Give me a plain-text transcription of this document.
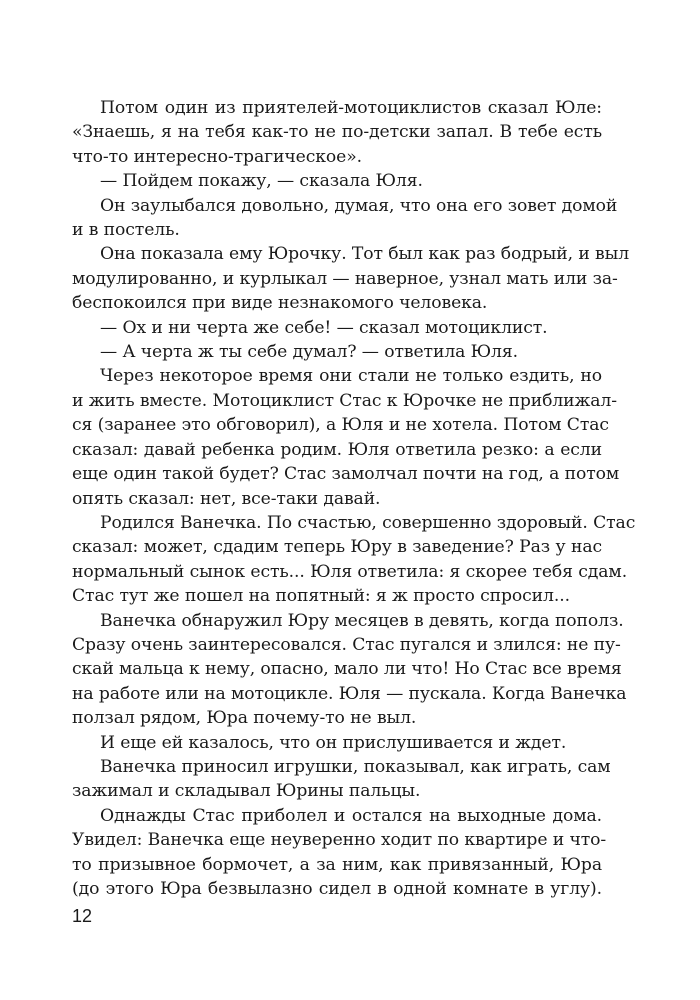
Потом один из приятелей-мотоциклистов сказал Юле:
«Знаешь, я на тебя как-то не по-детски запал. В тебе есть
что-то интересно-трагическое».
— Пойдем покажу, — сказала Юля.
Он заулыбался довольно, думая, что она его зовет домой
и в постель.
Она показала ему Юрочку. Тот был как раз бодрый, и выл
модулированно, и курлыкал — наверное, узнал мать или за-
беспокоился при виде незнакомого человека.
— Ох и ни черта же себе! — сказал мотоциклист.
— А черта ж ты себе думал? — ответила Юля.
Через некоторое время они стали не только ездить, но
и жить вместе. Мотоциклист Стас к Юрочке не приближал-
ся (заранее это обговорил), а Юля и не хотела. Потом Стас
сказал: давай ребенка родим. Юля ответила резко: а если
еще один такой будет? Стас замолчал почти на год, а потом
опять сказал: нет, все-таки давай.
Родился Ванечка. По счастью, совершенно здоровый. Стас
сказал: может, сдадим теперь Юру в заведение? Раз у нас
нормальный сынок есть... Юля ответила: я скорее тебя сдам.
Стас тут же пошел на попятный: я ж просто спросил...
Ванечка обнаружил Юру месяцев в девять, когда пополз.
Сразу очень заинтересовался. Стас пугался и злился: не пу-
скай мальца к нему, опасно, мало ли что! Но Стас все время
на работе или на мотоцикле. Юля — пускала. Когда Ванечка
ползал рядом, Юра почему-то не выл.
И еще ей казалось, что он прислушивается и ждет.
Ванечка приносил игрушки, показывал, как играть, сам
зажимал и складывал Юрины пальцы.
Однажды Стас приболел и остался на выходные дома.
Увидел: Ванечка еще неуверенно ходит по квартире и что-
то призывное бормочет, а за ним, как привязанный, Юра
(до этого Юра безвылазно сидел в одной комнате в углу).
12
